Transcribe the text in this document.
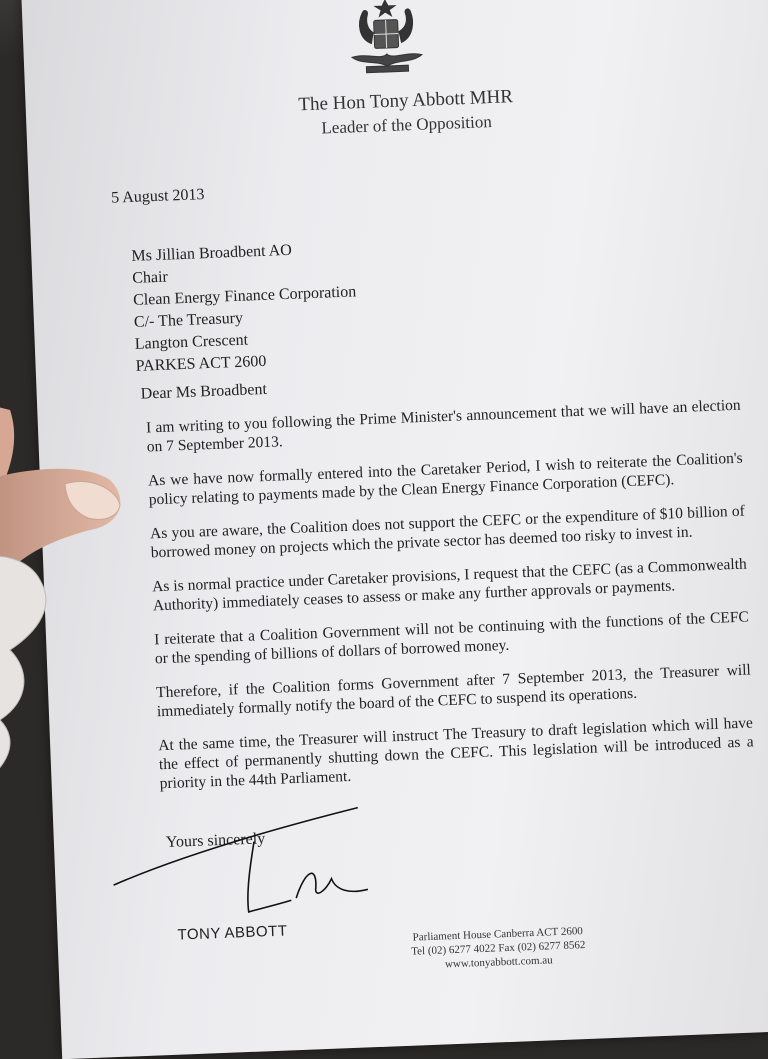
The Hon Tony Abbott MHR
Leader of the Opposition
5 August 2013
Ms Jillian Broadbent AO
Chair
Clean Energy Finance Corporation
C/- The Treasury
Langton Crescent
PARKES ACT 2600
Dear Ms Broadbent

I am writing to you following the Prime Minister's announcement that we will have an election on 7 September 2013.

As we have now formally entered into the Caretaker Period, I wish to reiterate the Coalition's policy relating to payments made by the Clean Energy Finance Corporation (CEFC).

As you are aware, the Coalition does not support the CEFC or the expenditure of $10 billion of borrowed money on projects which the private sector has deemed too risky to invest in.

As is normal practice under Caretaker provisions, I request that the CEFC (as a Commonwealth Authority) immediately ceases to assess or make any further approvals or payments.

I reiterate that a Coalition Government will not be continuing with the functions of the CEFC or the spending of billions of dollars of borrowed money.

Therefore, if the Coalition forms Government after 7 September 2013, the Treasurer will immediately formally notify the board of the CEFC to suspend its operations.

At the same time, the Treasurer will instruct The Treasury to draft legislation which will have the effect of permanently shutting down the CEFC. This legislation will be introduced as a priority in the 44th Parliament.

Yours sincerely
TONY ABBOTT	Parliament House Canberra ACT 2600
Tel (02) 6277 4022 Fax (02) 6277 8562
www.tonyabbott.com.au
